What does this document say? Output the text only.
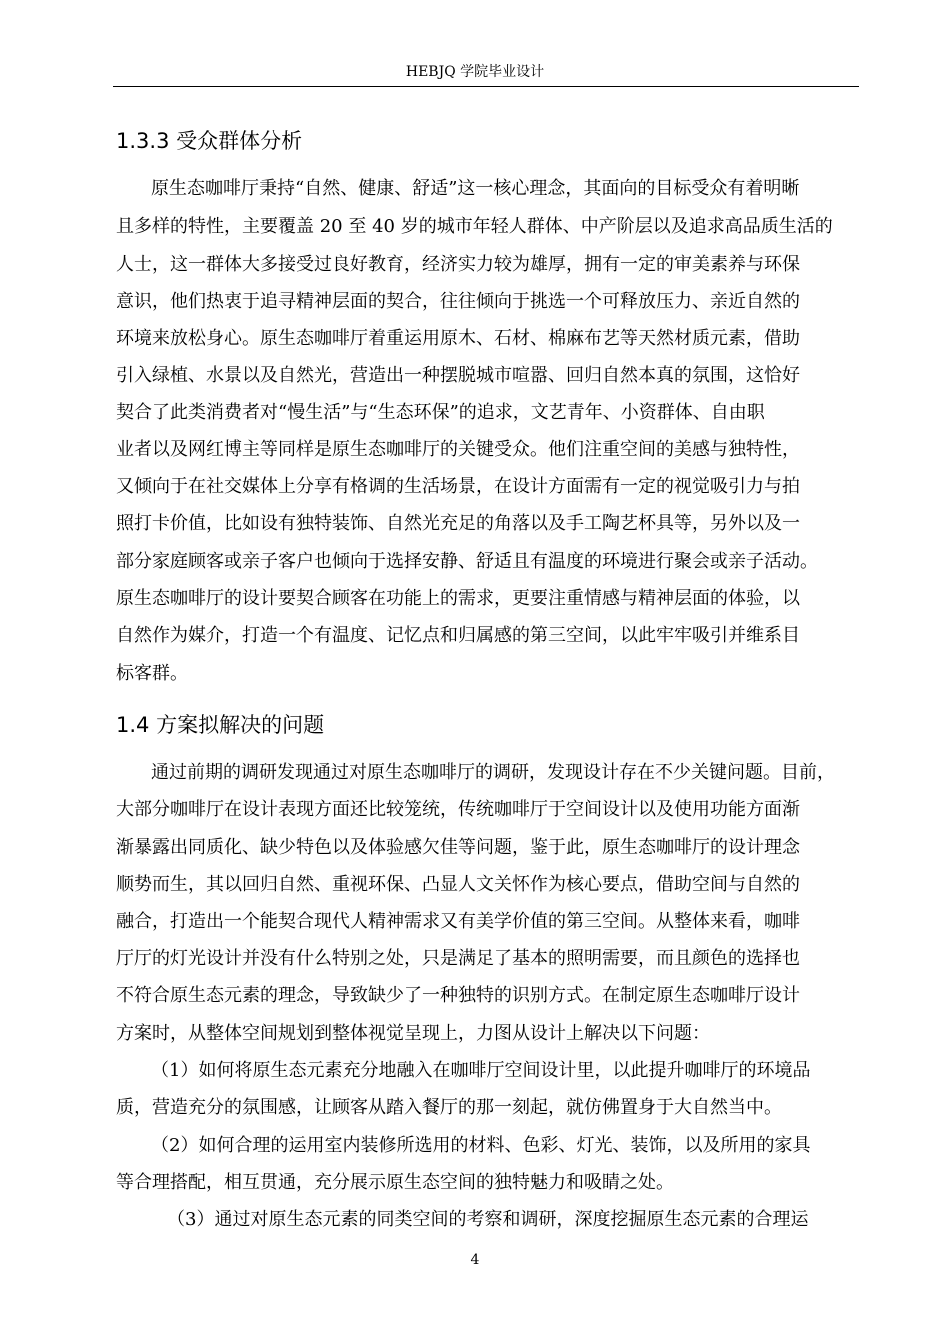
HEBJQ 学院毕业设计
1.3.3 受众群体分析
原生态咖啡厅秉持“自然、健康、舒适”这一核心理念，其面向的目标受众有着明晰
且多样的特性，主要覆盖 20 至 40 岁的城市年轻人群体、中产阶层以及追求高品质生活的
人士，这一群体大多接受过良好教育，经济实力较为雄厚，拥有一定的审美素养与环保
意识，他们热衷于追寻精神层面的契合，往往倾向于挑选一个可释放压力、亲近自然的
环境来放松身心。原生态咖啡厅着重运用原木、石材、棉麻布艺等天然材质元素，借助
引入绿植、水景以及自然光，营造出一种摆脱城市喧嚣、回归自然本真的氛围，这恰好
契合了此类消费者对“慢生活”与“生态环保”的追求，文艺青年、小资群体、自由职
业者以及网红博主等同样是原生态咖啡厅的关键受众。他们注重空间的美感与独特性，
又倾向于在社交媒体上分享有格调的生活场景，在设计方面需有一定的视觉吸引力与拍
照打卡价值，比如设有独特装饰、自然光充足的角落以及手工陶艺杯具等，另外以及一
部分家庭顾客或亲子客户也倾向于选择安静、舒适且有温度的环境进行聚会或亲子活动。
原生态咖啡厅的设计要契合顾客在功能上的需求，更要注重情感与精神层面的体验，以
自然作为媒介，打造一个有温度、记忆点和归属感的第三空间，以此牢牢吸引并维系目
标客群。
1.4 方案拟解决的问题
通过前期的调研发现通过对原生态咖啡厅的调研，发现设计存在不少关键问题。目前，
大部分咖啡厅在设计表现方面还比较笼统，传统咖啡厅于空间设计以及使用功能方面渐
渐暴露出同质化、缺少特色以及体验感欠佳等问题，鉴于此，原生态咖啡厅的设计理念
顺势而生，其以回归自然、重视环保、凸显人文关怀作为核心要点，借助空间与自然的
融合，打造出一个能契合现代人精神需求又有美学价值的第三空间。从整体来看，咖啡
厅厅的灯光设计并没有什么特别之处，只是满足了基本的照明需要，而且颜色的选择也
不符合原生态元素的理念，导致缺少了一种独特的识别方式。在制定原生态咖啡厅设计
方案时，从整体空间规划到整体视觉呈现上，力图从设计上解决以下问题：
（1）如何将原生态元素充分地融入在咖啡厅空间设计里，以此提升咖啡厅的环境品
质，营造充分的氛围感，让顾客从踏入餐厅的那一刻起，就仿佛置身于大自然当中。
（2）如何合理的运用室内装修所选用的材料、色彩、灯光、装饰，以及所用的家具
等合理搭配，相互贯通，充分展示原生态空间的独特魅力和吸睛之处。
（3）通过对原生态元素的同类空间的考察和调研，深度挖掘原生态元素的合理运
4
